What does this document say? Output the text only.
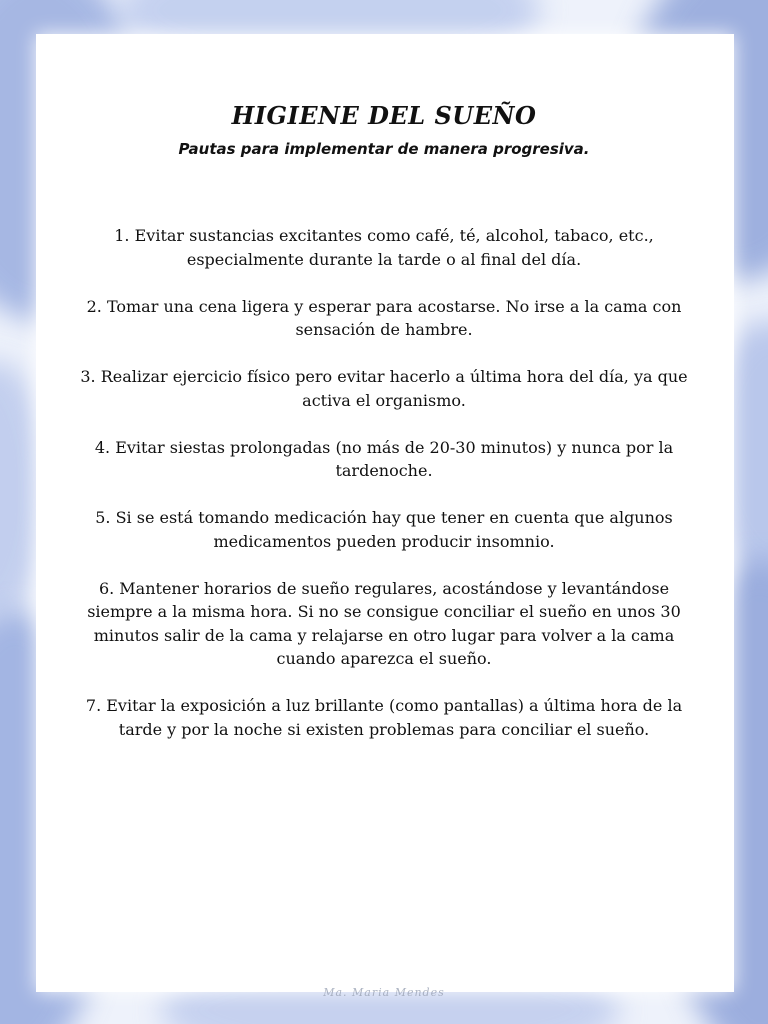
HIGIENE DEL SUEÑO

Pautas para implementar de manera progresiva.

1. Evitar sustancias excitantes como café, té, alcohol, tabaco, etc., especialmente durante la tarde o al final del día.
2. Tomar una cena ligera y esperar para acostarse. No irse a la cama con sensación de hambre.
3. Realizar ejercicio físico pero evitar hacerlo a última hora del día, ya que activa el organismo.
4. Evitar siestas prolongadas (no más de 20-30 minutos) y nunca por la tardenoche.
5. Si se está tomando medicación hay que tener en cuenta que algunos medicamentos pueden producir insomnio.
6. Mantener horarios de sueño regulares, acostándose y levantándose siempre a la misma hora. Si no se consigue conciliar el sueño en unos 30 minutos salir de la cama y relajarse en otro lugar para volver a la cama cuando aparezca el sueño.
7. Evitar la exposición a luz brillante (como pantallas) a última hora de la tarde y por la noche si existen problemas para conciliar el sueño.
Ma. Maria Mendes
